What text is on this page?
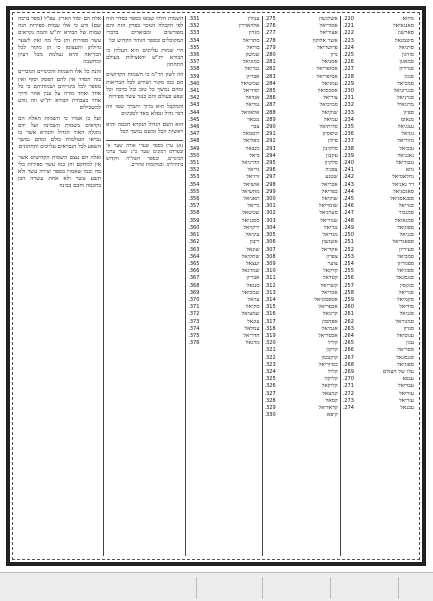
אלה הם יסוד הארץ. עפ"ל (ספר ברכה שם) ודע כי אלו שמות ספירות הנה שמות של הבורא ית"ש והמה נקראים עשר ספירות והן בלי מה ואין לשער גדולתן ותעצומן כי הן מקור לכל הבריאה והיא נעלמת מכל רעיון ומחשבה

והנה כל אלו השמות והכינויים הנזכרים בזה הסדר אין להם הפסק וסוף ואין מספר לכל כינוייהם ושמותיהם כי כל אחד ואחד מורה על ענין אחר ודרך אחר בעבודת הבורא ית"ש וזה נודע למשכילים

ועל כן אמרו כי השמות האלה הם נקראים בשמות השכינה ועל ידם נתגלה האור הגדול והנורא אשר בו נבראו העולמות כולם ומהם נמשך השפע לכל הנבראים עליונים ותחתונים

ואלה הם עצם השמות הקדושים אשר אין למחקם והן כמו עשר ספירות בלי מה וכמו שאמרו בספר יצירה עשר ולא תשע עשר ולא אחת עשרה הבן בחכמה וחכם בבינה

השמות הללו שבאו בספר בסדר הזה לפי הקבלה הנזכר בפרק הזה והם מפורשים ומבוארים בדברי המקובלים ובספר הזוהר הקדוש וכו'

היי שמות עליונים הוא העליון כי הבורא ית"ש והאצילות בעולם התחתון

וזה לשון הר"מ כי השמות הקדושים הם כמו מקור ושורש לכל הבריאות ומהם נמשך כל טוב וכל ברכה וכל שפע בעולם והם כנגד עשר ספירות

והמקבל הוא ברוך יתברך שמו וזה דבר גדול ונפלא מאד למבינים

הוא השם הגדול הנקרא חכמה והיא ראשית הכל ומשם נמשך הכל

(א) עיין בספר שערי אורה שער א' ובפרדס רמונים שער כ"ג שער ערכי הכינויים, ובספר השל"ה הקדוש בתחילתו, ובמקומות אחרים.
ענולין
331.
אלהאדרין
332.
מגרון
333.
סתריאל
334.
בדיאל
335.
שמשון
336.
כמוניאל
337.
גבריאל
338.
אבריון
339.
שמשיאל
340.
יסודיאל
341.
אגדאל
342.
נגדיאל
343.
אלאוואל
344.
נגבאר
345.
צבר
346.
רוסמאל
347.
גופליאל
348.
מנבאר
349.
ביאל
350.
הדרניאל
351.
גריאל
352.
זרזיאל
353.
אושיאל
354.
מחשיאל
355.
תאניאל
356.
גריאל
357.
שמשאל
358.
ססנגיאל
359.
ירקויאל
360.
עיניאל
361.
ריבון
362.
שונאל
363.
שתקיאל
364.
יעצאל
365.
שמרגאל
366.
אבריון
367.
סנגאל
368.
שמכיאל
369.
עראל
370.
סקיאל
371.
שמעיאל
372.
עונאל
373.
עמלאל
374.
הדריאל
375.
מדגאל
376.
אשלגשון
275.
אסוריאל
276.
אצוריאל
277.
אשר אלוקון
278.
פרוטריאל
279.
נרון
280.
אסניאל
281.
אסופריאל
282.
אסיפריאל
283.
עמניאל
284.
אסכסיאל
285.
צוריאל
286.
סמיכיאל
287.
שוקיאל
288.
עמיאל
289.
סליתיאל
290.
טיפסיון
291.
פילון
292.
סלקינון
293.
עקבון
294.
סלקיון
295.
צפניה
296.
שטנע
297.
אכריאל
298.
כפריאל
299.
שוקיאל
300.
שומריאל
301.
סערניאל
302.
שגזריאל
303.
נגדיאל
304.
מגדיאל
305.
אשגשון
306.
אקדיאל
307.
צפרון
308.
צוער
309.
קדקאל
310.
קסדאל
311.
קשריאל
312.
אכדיאל
313.
אספסוניאל
314.
אכפריאל
315.
קרגואל
316.
אפחסון
317.
אגמיאל
318.
אכסריאל
319.
קליל
320.
קדקון
321.
קוקבטון
322.
כסיוריאל
323.
קליל
324.
קליקה
325.
קליקאל
326.
קמעאל
327.
קסאל
328.
קדאדיאל
329.
קיפא
330.
מחוא
220.
סאנגאיאל
221.
סארשון
222.
סיטמנאל
223.
סרניאל
224.
סורגון
225.
סמאגון
226.
סגדריון
227.
סנגון
228.
סמכיאל
229.
סנגרוניאל
230.
סגרניאל
231.
מרגואיל
232.
ספיון
233.
מנאוס
234.
נעגגיאל
235.
נוניאל
236.
נהוריאל
237.
נבכיאל
238.
נאגניאל
239.
נגבוריאל
240.
נוזא
241.
נחלאמיאל
242.
דר נאגיאל
243.
סאגסגיאל
244.
ספגאסגיאל
245.
סגדיאל
246.
סמגבור
247.
סמגאיאל
248.
ספוגואל
249.
סגניאל
250.
ספאגדיאל
251.
סעיריון
252.
סמכיאל
253.
ספגוריון
254.
ספוגיאל
255.
סנגסגאל
256.
סנקסון
257.
סגריאל
258.
סקמיאל
259.
סודיאל
260.
סגניאל
261.
סמגוראל
262.
סגדון
263.
עגוסיאל
264.
עגון
265.
ססריאל
266.
סגנסגאל
267.
ספוגיאל
268.
עלו של העולם
269.
ענפא
270.
עבדיאל
271.
עזריאל
272.
עזריאל
273.
עכנאל
274.
